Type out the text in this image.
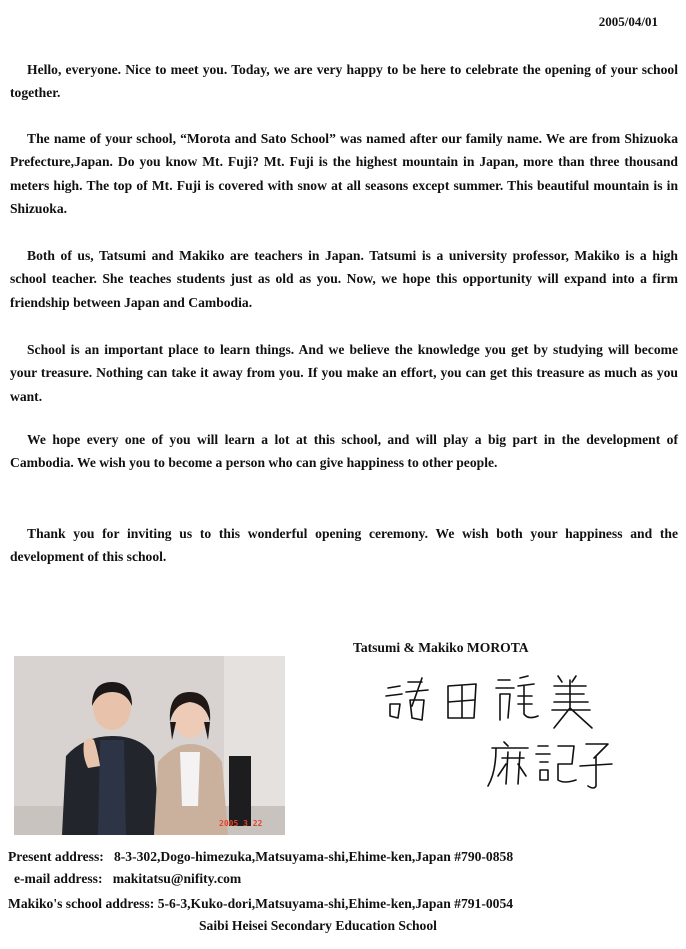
2005/04/01

Hello, everyone. Nice to meet you. Today, we are very happy to be here to celebrate the opening of your school together.

The name of your school, “Morota and Sato School” was named after our family name. We are from Shizuoka Prefecture,Japan. Do you know Mt. Fuji? Mt. Fuji is the highest mountain in Japan, more than three thousand meters high. The top of Mt. Fuji is covered with snow at all seasons except summer. This beautiful mountain is in Shizuoka.

Both of us, Tatsumi and Makiko are teachers in Japan. Tatsumi is a university professor, Makiko is a high school teacher. She teaches students just as old as you. Now, we hope this opportunity will expand into a firm friendship between Japan and Cambodia.

School is an important place to learn things. And we believe the knowledge you get by studying will become your treasure. Nothing can take it away from you. If you make an effort, you can get this treasure as much as you want.

We hope every one of you will learn a lot at this school, and will play a big part in the development of Cambodia. We wish you to become a person who can give happiness to other people.

Thank you for inviting us to this wonderful opening ceremony. We wish both your happiness and the development of this school.

Tatsumi & Makiko MOROTA
2005 3 22
Present address: 8-3-302,Dogo-himezuka,Matsuyama-shi,Ehime-ken,Japan #790-0858
e-mail address: makitatsu@nifity.com
Makiko's school address: 5-6-3,Kuko-dori,Matsuyama-shi,Ehime-ken,Japan #791-0054
Saibi Heisei Secondary Education School
